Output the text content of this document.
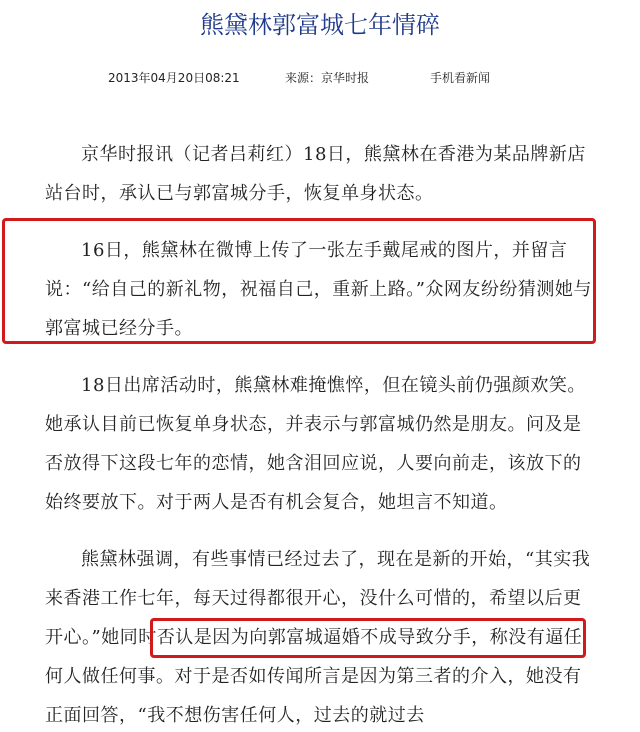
熊黛林郭富城七年情碎
2013年04月20日08:21	来源：京华时报	手机看新闻

京华时报讯（记者吕莉红）18日，熊黛林在香港为某品牌新店站台时，承认已与郭富城分手，恢复单身状态。

16日，熊黛林在微博上传了一张左手戴尾戒的图片，并留言说：“给自己的新礼物，祝福自己，重新上路。”众网友纷纷猜测她与郭富城已经分手。

18日出席活动时，熊黛林难掩憔悴，但在镜头前仍强颜欢笑。她承认目前已恢复单身状态，并表示与郭富城仍然是朋友。问及是否放得下这段七年的恋情，她含泪回应说，人要向前走，该放下的始终要放下。对于两人是否有机会复合，她坦言不知道。

熊黛林强调，有些事情已经过去了，现在是新的开始，“其实我来香港工作七年，每天过得都很开心，没什么可惜的，希望以后更开心。”她同时否认是因为向郭富城逼婚不成导致分手，称没有逼任何人做任何事。对于是否如传闻所言是因为第三者的介入，她没有正面回答，“我不想伤害任何人，过去的就过去
